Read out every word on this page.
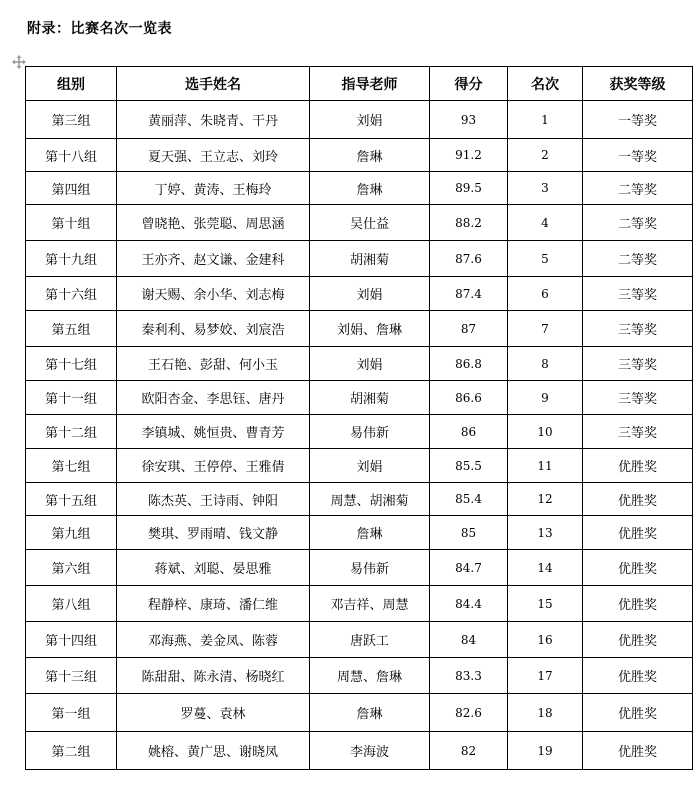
附录：比赛名次一览表
组别	选手姓名	指导老师	得分	名次	获奖等级
第三组	黄丽萍、朱晓青、干丹	刘娟	93	1	一等奖
第十八组	夏天强、王立志、刘玲	詹琳	91.2	2	一等奖
第四组	丁婷、黄涛、王梅玲	詹琳	89.5	3	二等奖
第十组	曾晓艳、张莞聪、周思涵	吴仕益	88.2	4	二等奖
第十九组	王亦齐、赵文谦、金建科	胡湘菊	87.6	5	二等奖
第十六组	谢天赐、余小华、刘志梅	刘娟	87.4	6	三等奖
第五组	秦利利、易梦姣、刘宸浩	刘娟、詹琳	87	7	三等奖
第十七组	王石艳、彭甜、何小玉	刘娟	86.8	8	三等奖
第十一组	欧阳杏金、李思钰、唐丹	胡湘菊	86.6	9	三等奖
第十二组	李镇城、姚恒贵、曹青芳	易伟新	86	10	三等奖
第七组	徐安琪、王停停、王雅倩	刘娟	85.5	11	优胜奖
第十五组	陈杰英、王诗雨、钟阳	周慧、胡湘菊	85.4	12	优胜奖
第九组	樊琪、罗雨晴、钱文静	詹琳	85	13	优胜奖
第六组	蒋斌、刘聪、晏思雅	易伟新	84.7	14	优胜奖
第八组	程静梓、康琦、潘仁维	邓吉祥、周慧	84.4	15	优胜奖
第十四组	邓海燕、姜金凤、陈蓉	唐跃工	84	16	优胜奖
第十三组	陈甜甜、陈永清、杨晓红	周慧、詹琳	83.3	17	优胜奖
第一组	罗蔓、袁林	詹琳	82.6	18	优胜奖
第二组	姚榕、黄广思、谢晓凤	李海波	82	19	优胜奖
